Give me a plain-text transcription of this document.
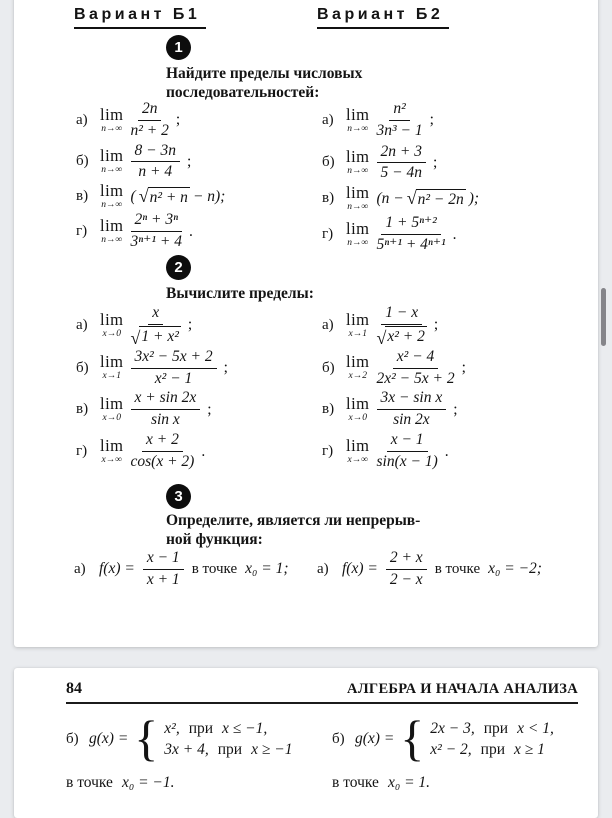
Вариант Б1	Вариант Б2
1
Найдите пределы числовых
последовательностей:
а) lim
$n\to\infty \frac{2n}{\text{n² + 2}}$ ;
б) lim
$n\to\infty \frac{8 - 3n}{n + 4}$ ;
в) lim
n→∞
( √ n² + n − n);
г) lim
$n\to\infty \frac{\text{2ⁿ + 3ⁿ}}{\text{3ⁿ⁺¹ + 4}}$ .
а) lim
$n\to\infty \frac{\text{n²}}{\text{3n³ − 1}}$ ;
б) lim
$n\to\infty \frac{2n + 3}{5 - 4n}$ ;
в) lim
n→∞
(n − √ n² − 2n );
г) lim
$n\to\infty \frac{\text{1 + 5ⁿ⁺²}}{\text{5ⁿ⁺¹ + 4ⁿ⁺¹}}$ .
2
Вычислите пределы:
а) lim
$x\to 0 \frac{x}{\text{√ 1 + x²}}$ ;
б) lim
$x\to 1 \frac{\text{3x² − 5x + 2}}{\text{x² − 1}}$ ;
в) lim
$x\to 0 \frac{x + \sin 2x}{\text{sin x}}$ ;
г) lim
$x\to\infty \frac{x + 2}{\cos(x + 2)}$ .
а) lim
$x\to 1 \frac{1 - x}{\text{√ x² + 2}}$ ;
б) lim
$x\to 2 \frac{\text{x² − 4}}{\text{2x² − 5x + 2}}$ ;
в) lim
$x\to 0 \frac{\text{3x − sin x}}{\sin 2x}$ ;
г) lim
$x\to\infty \frac{x - 1}{\sin(x - 1)}$ .
3
Определите, является ли непрерыв-
ной функция:
а) $f(x) = \frac{x - 1}{x + 1}$ в точке x₀ = 1; а) $f(x) = \frac{2 + x}{2 - x}$ в точке x₀ = −2;
84	АЛГЕБРА И НАЧАЛА АНАЛИЗА
б) g(x) = { x², при x ≤ −1,
3x + 4, при x ≥ −1
б) g(x) = { 2x − 3, при x < 1,
x² − 2, при x ≥ 1
в точке x₀ = −1.	в точке x₀ = 1.
